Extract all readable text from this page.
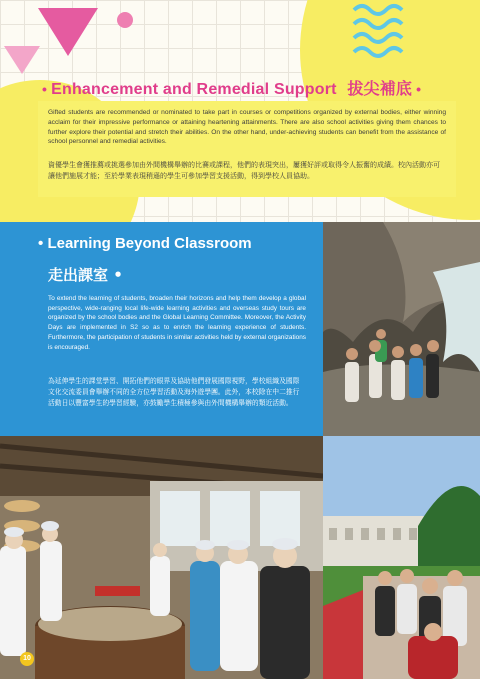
• Enhancement and Remedial Support 拔尖補底 •

Gifted students are recommended or nominated to take part in courses or competitions organized by external bodies, either winning acclaim for their impressive performance or attaining heartening attainments. There are also school activities giving them chances to further explore their potential and stretch their abilities. On the other hand, under-achieving students can benefit from the assistance of school personnel and remedial activities.

資優學生會獲推薦或挑選參加由外間機構舉辦的比賽或課程，他們的表現突出，屢獲好評或取得令人振奮的成績。校內活動亦可讓他們施展才能；至於學業表現稍遜的學生可參加學習支援活動，得到學校人員協助。

• Learning Beyond Classroom
走出課室 •

To extend the learning of students, broaden their horizons and help them develop a global perspective, wide-ranging local life-wide learning activities and overseas study tours are organized by the school bodies and the Global Learning Committee. Moreover, the Activity Days are implemented in S2 so as to enrich the learning experience of students. Furthermore, the participation of students in similar activities held by external organizations is encouraged.

為延伸學生的課堂學習、開拓他們的眼界及協助他們發展國際視野，學校組織及國際文化交流委員會舉辦不同的全方位學習活動及海外遊學團。此外，本校除在中二推行活動日以豐富學生的學習經驗，亦鼓勵學生積極參與由外間機構舉辦的類近活動。

10
